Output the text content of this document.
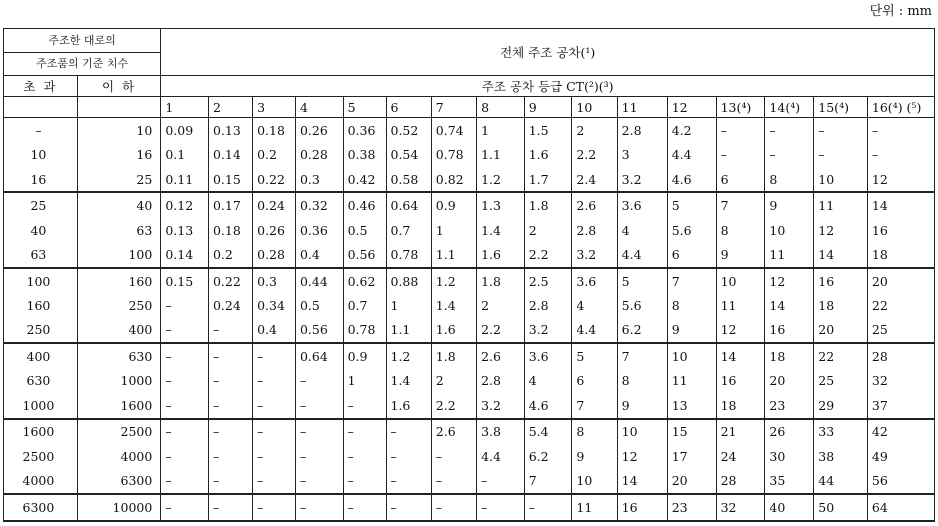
단위 : mm
주조한 대로의
주조품의 기준 치수		전체 주조 공차(¹)															
초 과	이 하	주조 공차 등급 CT(²)(³)															
		1	2	3	4	5	6	7	8	9	10	11	12	13(⁴)	14(⁴)	15(⁴)	16(⁴) (⁵)
–	10	0.09	0.13	0.18	0.26	0.36	0.52	0.74	1	1.5	2	2.8	4.2	–	–	–	–
10	16	0.1	0.14	0.2	0.28	0.38	0.54	0.78	1.1	1.6	2.2	3	4.4	–	–	–	–
16	25	0.11	0.15	0.22	0.3	0.42	0.58	0.82	1.2	1.7	2.4	3.2	4.6	6	8	10	12
25	40	0.12	0.17	0.24	0.32	0.46	0.64	0.9	1.3	1.8	2.6	3.6	5	7	9	11	14
40	63	0.13	0.18	0.26	0.36	0.5	0.7	1	1.4	2	2.8	4	5.6	8	10	12	16
63	100	0.14	0.2	0.28	0.4	0.56	0.78	1.1	1.6	2.2	3.2	4.4	6	9	11	14	18
100	160	0.15	0.22	0.3	0.44	0.62	0.88	1.2	1.8	2.5	3.6	5	7	10	12	16	20
160	250	–	0.24	0.34	0.5	0.7	1	1.4	2	2.8	4	5.6	8	11	14	18	22
250	400	–	–	0.4	0.56	0.78	1.1	1.6	2.2	3.2	4.4	6.2	9	12	16	20	25
400	630	–	–	–	0.64	0.9	1.2	1.8	2.6	3.6	5	7	10	14	18	22	28
630	1000	–	–	–	–	1	1.4	2	2.8	4	6	8	11	16	20	25	32
1000	1600	–	–	–	–	–	1.6	2.2	3.2	4.6	7	9	13	18	23	29	37
1600	2500	–	–	–	–	–	–	2.6	3.8	5.4	8	10	15	21	26	33	42
2500	4000	–	–	–	–	–	–	–	4.4	6.2	9	12	17	24	30	38	49
4000	6300	–	–	–	–	–	–	–	–	7	10	14	20	28	35	44	56
6300	10000	–	–	–	–	–	–	–	–	–	11	16	23	32	40	50	64
